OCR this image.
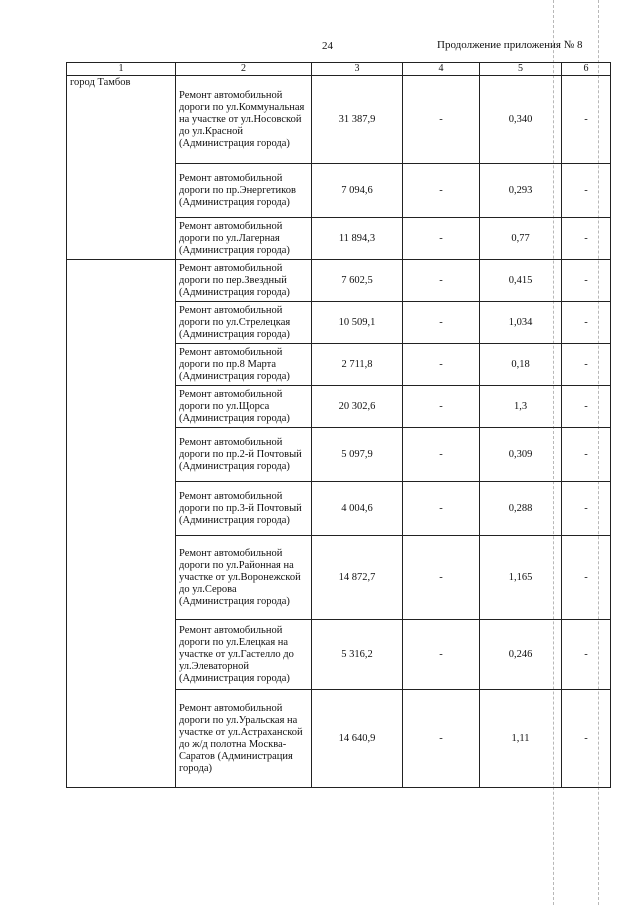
24	Продолжение приложения № 8
1	2	3	4	5	6
город Тамбов	Ремонт автомобильной дороги по ул.Коммунальная на участке от ул.Носовской до ул.Красной (Администрация города)	31 387,9	-	0,340	-
	Ремонт автомобильной дороги по пр.Энергетиков (Администрация города)	7 094,6	-	0,293	-
	Ремонт автомобильной дороги по ул.Лагерная (Администрация города)	11 894,3	-	0,77	-
	Ремонт автомобильной дороги по пер.Звездный (Администрация города)	7 602,5	-	0,415	-
	Ремонт автомобильной дороги по ул.Стрелецкая (Администрация города)	10 509,1	-	1,034	-
	Ремонт автомобильной дороги по пр.8 Марта (Администрация города)	2 711,8	-	0,18	-
	Ремонт автомобильной дороги по ул.Щорса (Администрация города)	20 302,6	-	1,3	-
	Ремонт автомобильной дороги по пр.2-й Почтовый (Администрация города)	5 097,9	-	0,309	-
	Ремонт автомобильной дороги по пр.3-й Почтовый (Администрация города)	4 004,6	-	0,288	-
	Ремонт автомобильной дороги по ул.Районная на участке от ул.Воронежской до ул.Серова (Администрация города)	14 872,7	-	1,165	-
	Ремонт автомобильной дороги по ул.Елецкая на участке от ул.Гастелло до ул.Элеваторной (Администрация города)	5 316,2	-	0,246	-
	Ремонт автомобильной дороги по ул.Уральская на участке от ул.Астраханской до ж/д полотна Москва-Саратов (Администрация города)	14 640,9	-	1,11	-
